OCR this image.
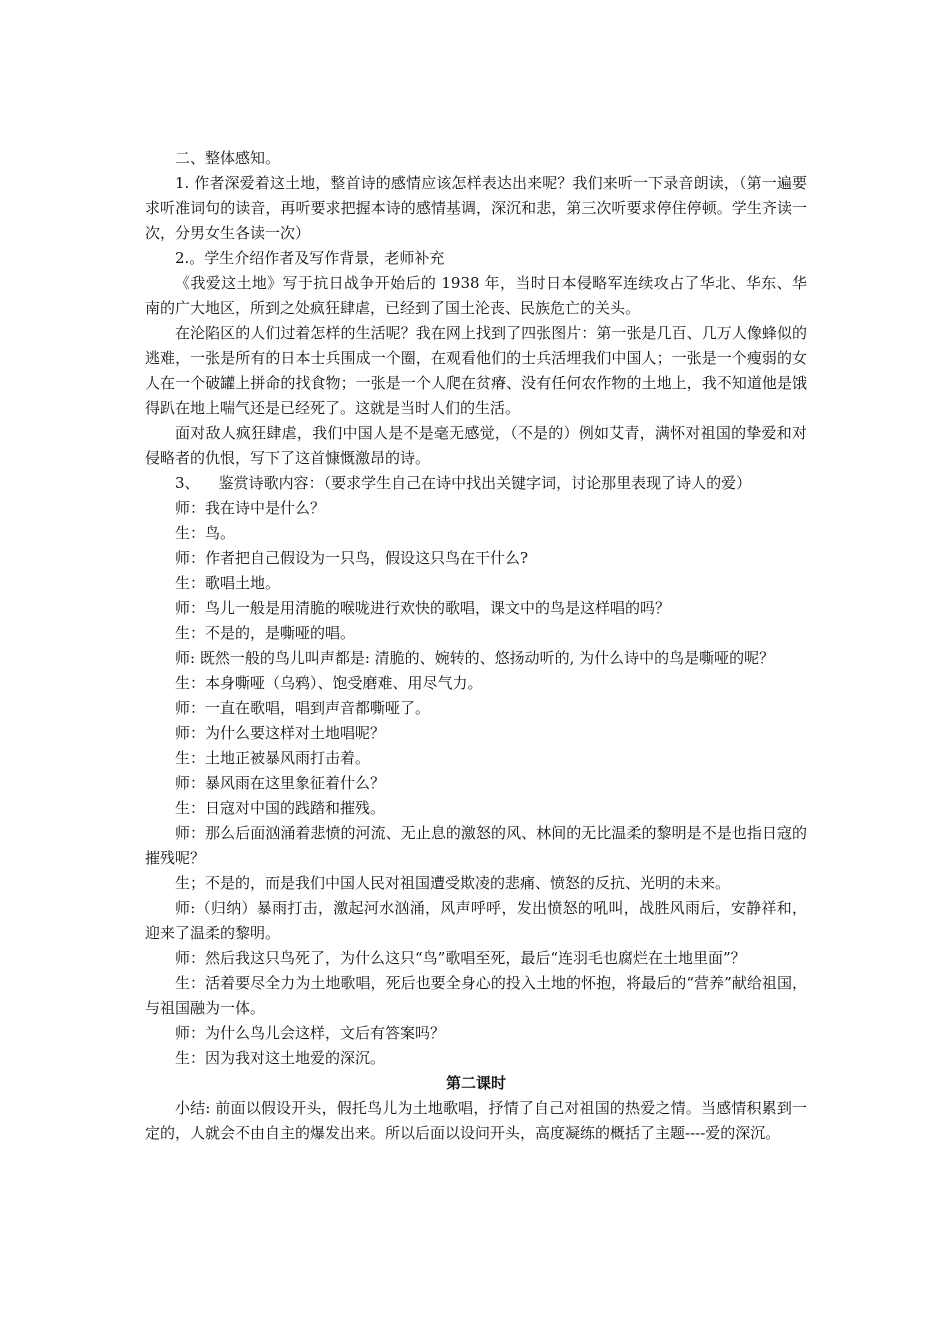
二、整体感知。

1. 作者深爱着这土地，整首诗的感情应该怎样表达出来呢？我们来听一下录音朗读，（第一遍要求听准词句的读音，再听要求把握本诗的感情基调，深沉和悲，第三次听要求停住停顿。学生齐读一次，分男女生各读一次）

2.。学生介绍作者及写作背景，老师补充

《我爱这土地》写于抗日战争开始后的 1938 年，当时日本侵略军连续攻占了华北、华东、华南的广大地区，所到之处疯狂肆虐，已经到了国土沦丧、民族危亡的关头。

在沦陷区的人们过着怎样的生活呢？我在网上找到了四张图片：第一张是几百、几万人像蜂似的逃难，一张是所有的日本士兵围成一个圈，在观看他们的士兵活埋我们中国人；一张是一个瘦弱的女人在一个破罐上拼命的找食物；一张是一个人爬在贫瘠、没有任何农作物的土地上，我不知道他是饿得趴在地上喘气还是已经死了。这就是当时人们的生活。

面对敌人疯狂肆虐，我们中国人是不是毫无感觉，（不是的）例如艾青，满怀对祖国的挚爱和对侵略者的仇恨，写下了这首慷慨激昂的诗。

3、    鉴赏诗歌内容：（要求学生自己在诗中找出关键字词，讨论那里表现了诗人的爱）

师：我在诗中是什么？

生：鸟。

师：作者把自己假设为一只鸟，假设这只鸟在干什么?

生：歌唱土地。

师：鸟儿一般是用清脆的喉咙进行欢快的歌唱，课文中的鸟是这样唱的吗？

生：不是的，是嘶哑的唱。

师: 既然一般的鸟儿叫声都是: 清脆的、婉转的、悠扬动听的, 为什么诗中的鸟是嘶哑的呢？

生：本身嘶哑（乌鸦）、饱受磨难、用尽气力。

师：一直在歌唱，唱到声音都嘶哑了。

师：为什么要这样对土地唱呢？

生：土地正被暴风雨打击着。

师：暴风雨在这里象征着什么？

生：日寇对中国的践踏和摧残。

师：那么后面汹涌着悲愤的河流、无止息的激怒的风、林间的无比温柔的黎明是不是也指日寇的摧残呢？

生；不是的，而是我们中国人民对祖国遭受欺凌的悲痛、愤怒的反抗、光明的未来。

师:（归纳）暴雨打击，激起河水汹涌，风声呼呼，发出愤怒的吼叫，战胜风雨后，安静祥和，迎来了温柔的黎明。

师：然后我这只鸟死了，为什么这只“鸟”歌唱至死，最后“连羽毛也腐烂在土地里面”？

生：活着要尽全力为土地歌唱，死后也要全身心的投入土地的怀抱，将最后的“营养”献给祖国，与祖国融为一体。

师：为什么鸟儿会这样，文后有答案吗？

生：因为我对这土地爱的深沉。

第二课时

小结: 前面以假设开头，假托鸟儿为土地歌唱，抒情了自己对祖国的热爱之情。当感情积累到一定的，人就会不由自主的爆发出来。所以后面以设问开头，高度凝练的概括了主题----爱的深沉。
